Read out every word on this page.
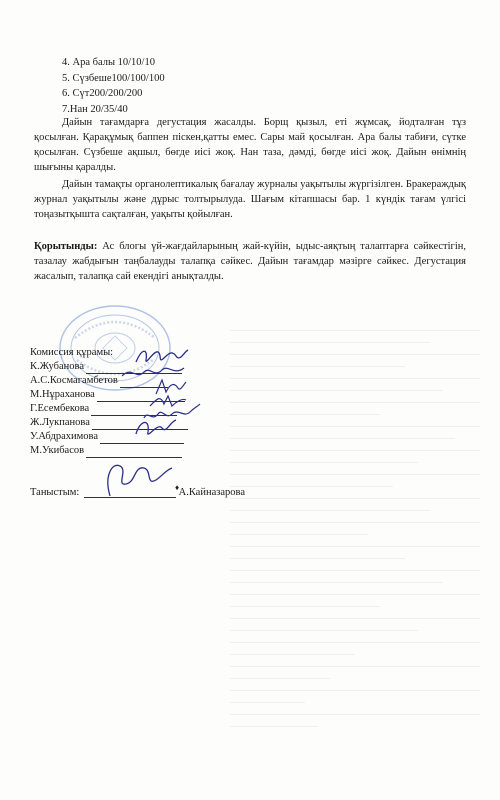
4. Ара балы 10/10/10
5. Сүзбеше100/100/100
6. Сүт200/200/200
7.Нан 20/35/40
Дайын тағамдарға дегустация жасалды. Борщ қызыл, еті жұмсақ, йодталған тұз қосылған. Қарақұмық баппен піскен,қатты емес. Сары май қосылған. Ара балы табиғи, сүтке қосылған. Сүзбеше ақшыл, бөгде иісі жоқ. Нан таза, дәмді, бөгде иісі жоқ. Дайын өнімнің шығыны қаралды.
Дайын тамақты органолептикалық бағалау журналы уақытылы жүргізілген. Бракераждық журнал уақытылы және дұрыс толтырылуда. Шағым кітапшасы бар. 1 күндік тағам үлгісі тоңазытқышта сақталған, уақыты қойылған.
Қорытынды: Ас блогы үй-жағдайларының жай-күйін, ыдыс-аяқтың талаптарға сәйкестігін, тазалау жабдығын таңбалауды талапқа сәйкес. Дайын тағамдар мәзірге сәйкес. Дегустация жасалып, талапқа сай екендігі анықталды.
Комиссия құрамы:
К.Жубанова
А.С.Космагамбетов
М.Нұраханова
Г.Есембекова
Ж.Лукпанова
У.Абдрахимова
М.Укибасов
Таныстым:	А.Кайназарова
♦
